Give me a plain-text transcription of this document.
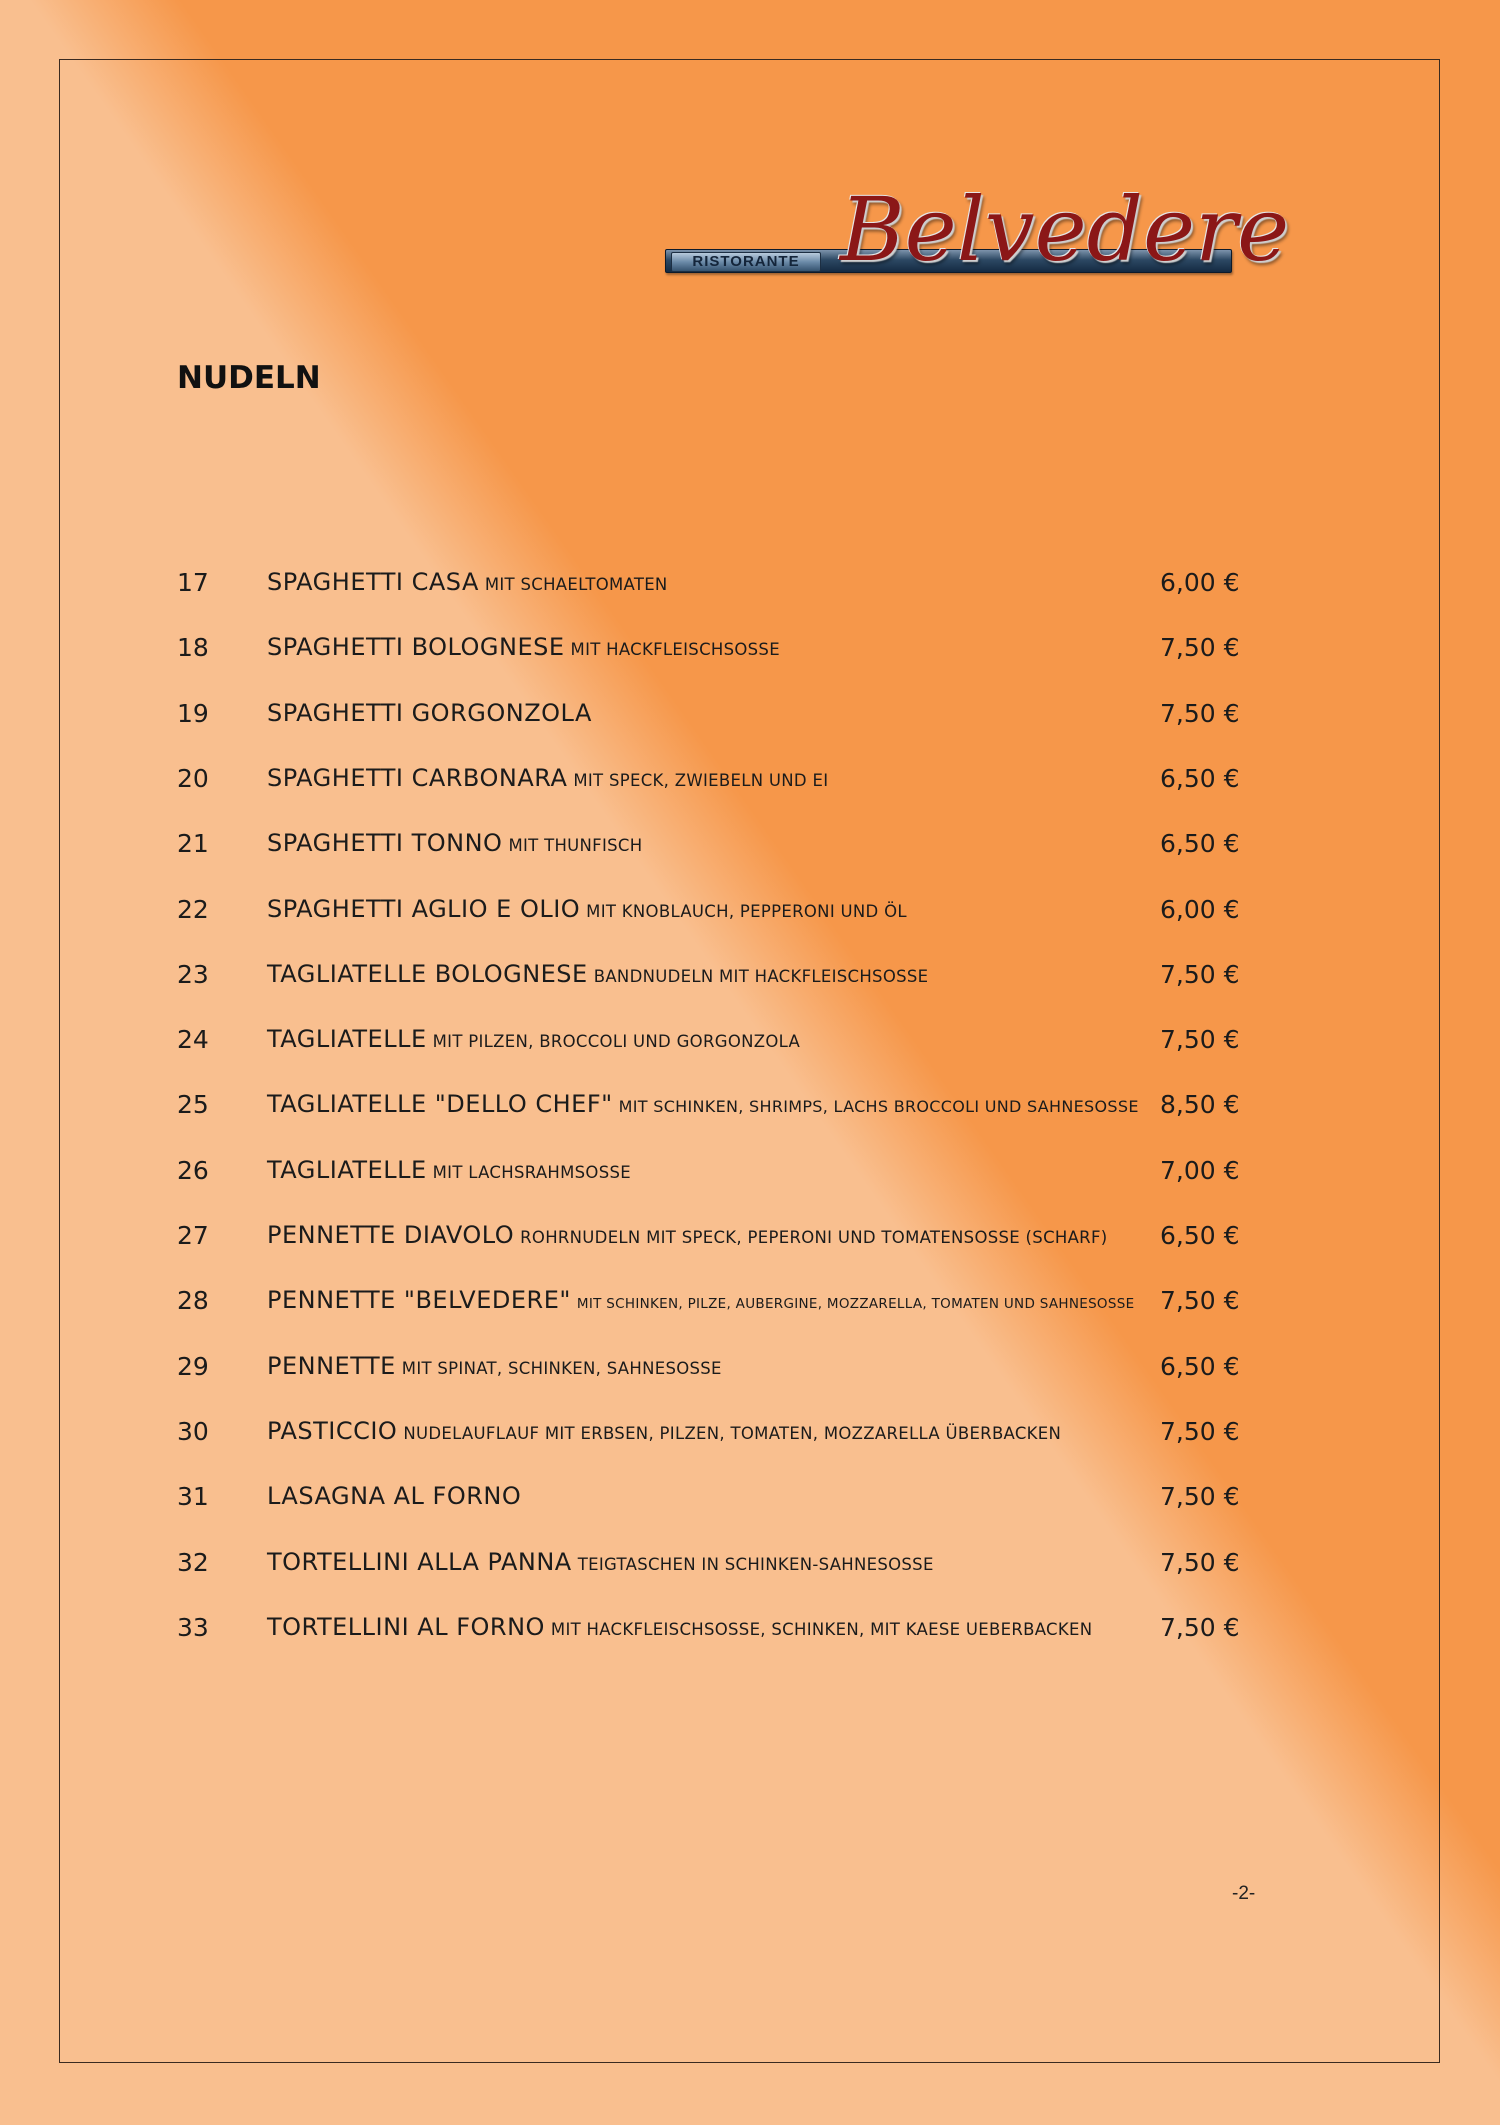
RISTORANTE Belvedere
NUDELN
17 SPAGHETTI CASA MIT SCHAELTOMATEN	6,00 €
18 SPAGHETTI BOLOGNESE MIT HACKFLEISCHSOSSE	7,50 €
19 SPAGHETTI GORGONZOLA	7,50 €
20 SPAGHETTI CARBONARA MIT SPECK, ZWIEBELN UND EI	6,50 €
21 SPAGHETTI TONNO MIT THUNFISCH	6,50 €
22 SPAGHETTI AGLIO E OLIO MIT KNOBLAUCH, PEPPERONI UND ÖL	6,00 €
23 TAGLIATELLE BOLOGNESE BANDNUDELN MIT HACKFLEISCHSOSSE	7,50 €
24 TAGLIATELLE MIT PILZEN, BROCCOLI UND GORGONZOLA	7,50 €
25 TAGLIATELLE "DELLO CHEF" MIT SCHINKEN, SHRIMPS, LACHS BROCCOLI UND SAHNESOSSE 8,50 €
26 TAGLIATELLE MIT LACHSRAHMSOSSE	7,00 €
27 PENNETTE DIAVOLO ROHRNUDELN MIT SPECK, PEPERONI UND TOMATENSOSSE (SCHARF) 6,50 €
28 PENNETTE "BELVEDERE" MIT SCHINKEN, PILZE, AUBERGINE, MOZZARELLA, TOMATEN UND SAHNESOSSE 7,50 €
29 PENNETTE MIT SPINAT, SCHINKEN, SAHNESOSSE	6,50 €
30 PASTICCIO NUDELAUFLAUF MIT ERBSEN, PILZEN, TOMATEN, MOZZARELLA ÜBERBACKEN	7,50 €
31 LASAGNA AL FORNO	7,50 €
32 TORTELLINI ALLA PANNA TEIGTASCHEN IN SCHINKEN-SAHNESOSSE	7,50 €
33 TORTELLINI AL FORNO MIT HACKFLEISCHSOSSE, SCHINKEN, MIT KAESE UEBERBACKEN	7,50 €
-2-
